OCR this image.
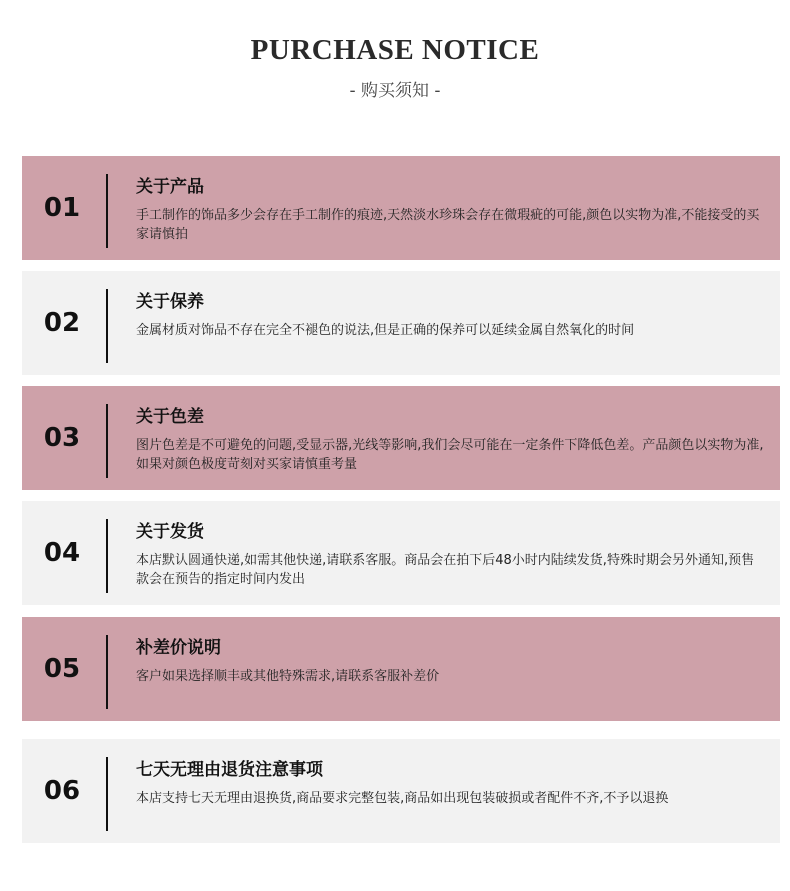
PURCHASE NOTICE
- 购买须知 -
01
关于产品
手工制作的饰品多少会存在手工制作的痕迹,天然淡水珍珠会存在微瑕疵的可能,颜色以实物为准,不能接受的买家请慎拍
02
关于保养
金属材质对饰品不存在完全不褪色的说法,但是正确的保养可以延续金属自然氧化的时间
03
关于色差
图片色差是不可避免的问题,受显示器,光线等影响,我们会尽可能在一定条件下降低色差。产品颜色以实物为准,如果对颜色极度苛刻对买家请慎重考量
04
关于发货
本店默认圆通快递,如需其他快递,请联系客服。商品会在拍下后48小时内陆续发货,特殊时期会另外通知,预售款会在预告的指定时间内发出
05
补差价说明
客户如果选择顺丰或其他特殊需求,请联系客服补差价
06
七天无理由退货注意事项
本店支持七天无理由退换货,商品要求完整包装,商品如出现包装破损或者配件不齐,不予以退换
